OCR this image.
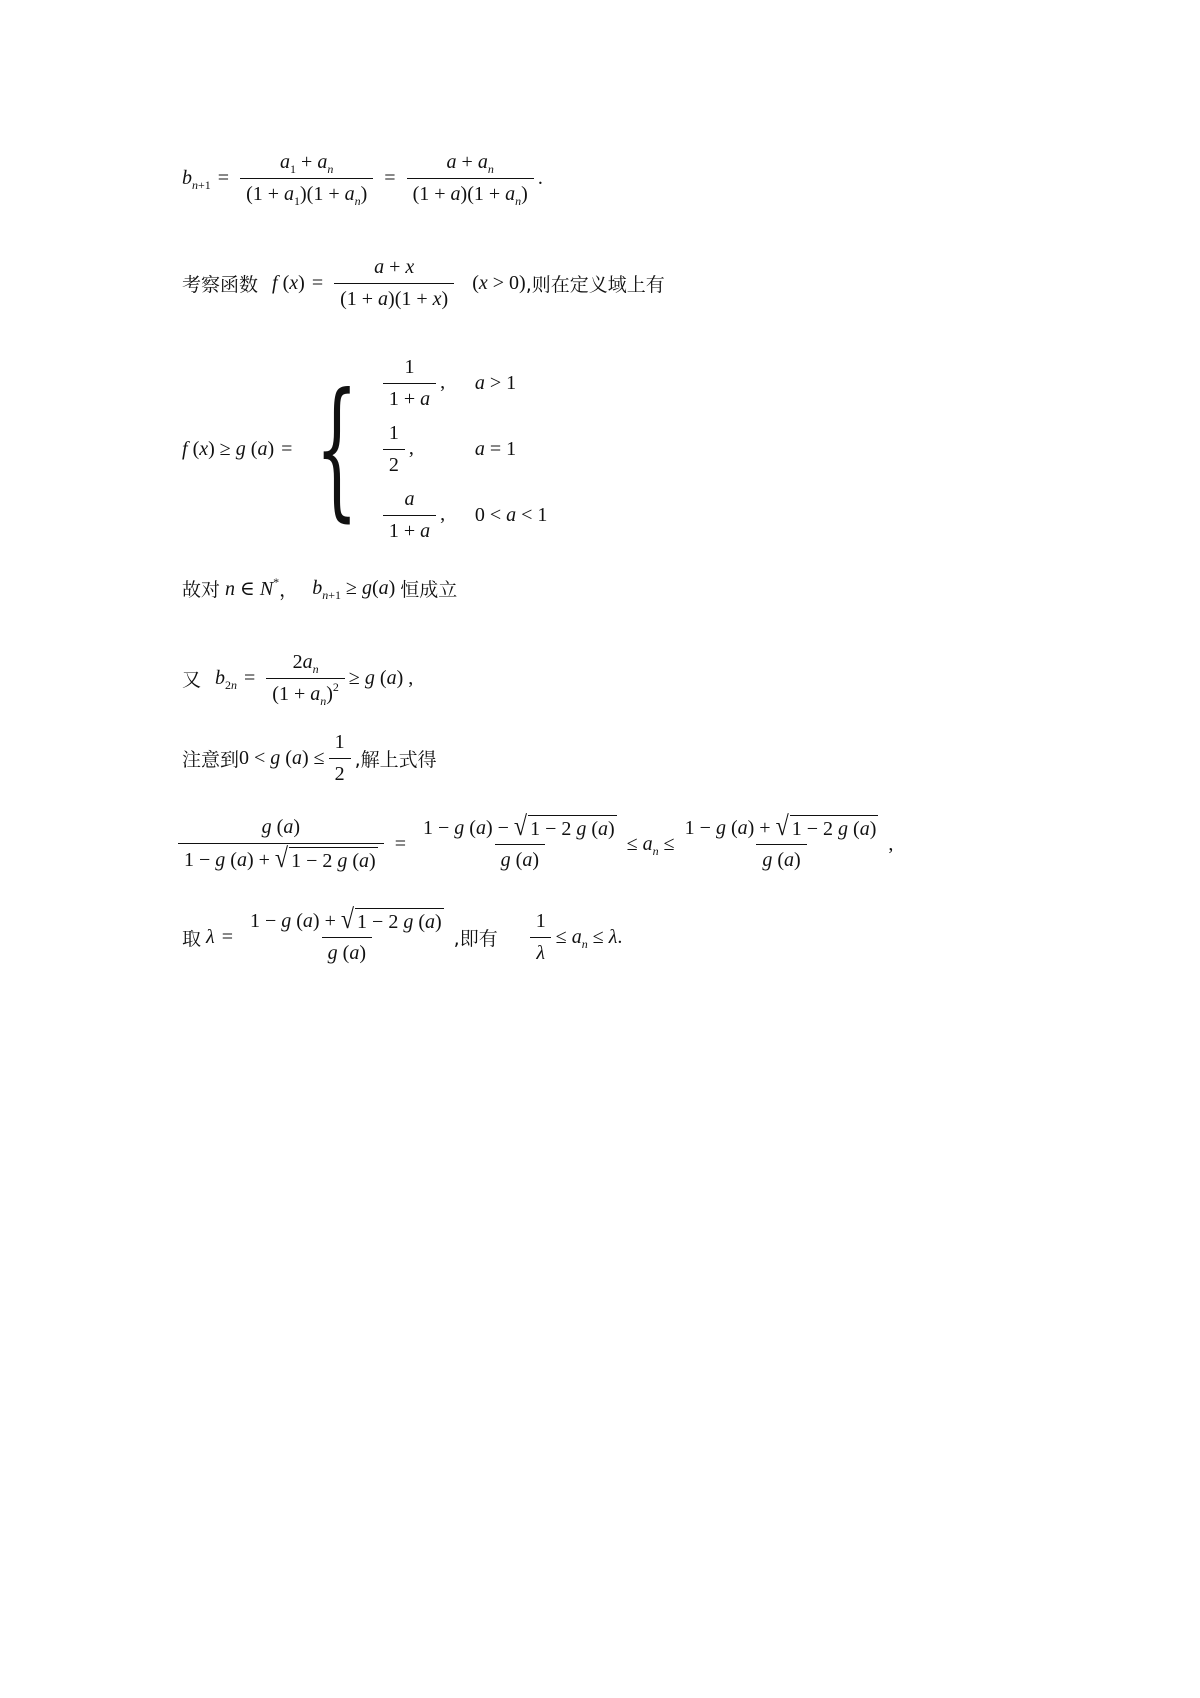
$b_{n+1} = \frac{a_1 + a_n}{(1 + a_1)(1 + a_n)} = \frac{a + a_n}{(1 + a)(1 + a_n)}$ .
考察函数 f $(x) = \frac{a + x}{(1 + a)(1 + x)} (x > 0)$ ,则在定义域上有
f (x) ≥ g (a) = { $\frac{1}{1 + a}$ ,	a > 1
$\frac{1}{2}$ ,	a = 1
$\frac{a}{1 + a}$ ,	0 < a < 1
故对 n ∈ N* ， $b_{n+1} \ge g(a)$ 恒成立
又 $b_{2n} = \frac{2a_n}{(1 + a_n)^2} \ge g$ (a) ,
注意到 0 < g $(a) \le \frac{1}{2}$ ,解上式得
$\frac{g (a)}{1 - g (a) + √ 1 - 2 g (a)} = \frac{1 - g (a) - √ 1 - 2 g (a)}{g (a)} \le a_n \le \frac{1 - g (a) + √ 1 - 2 g (a)}{g (a)}$ ,
取 $\lambda = \frac{1 - g (a) + √ 1 - 2 g (a)}{g (a)}$ ,即有 $\frac{1}{\lambda} \le a_n \le \lambda$.
